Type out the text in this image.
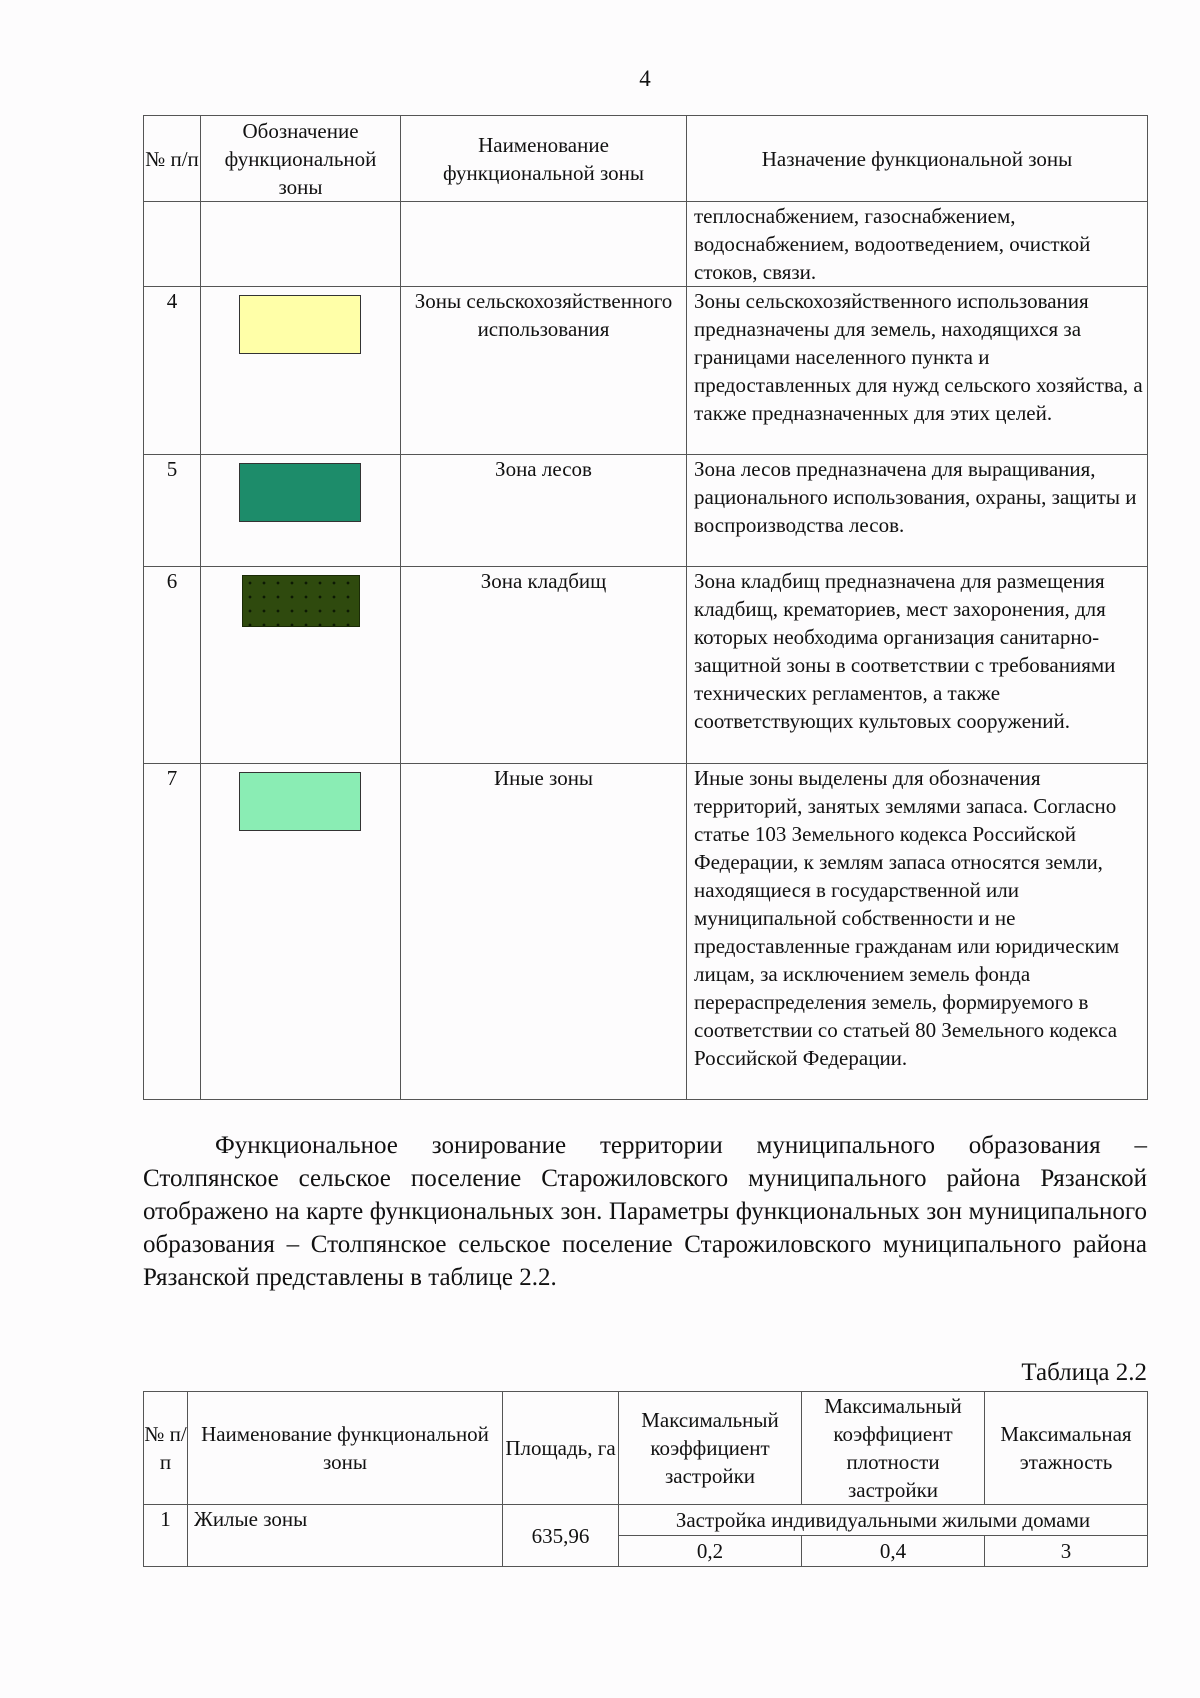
4
№ п/п	Обозначение функциональной зоны	Наименование функциональной зоны	Назначение функциональной зоны
			теплоснабжением, газоснабжением, водоснабжением, водоотведением, очисткой стоков, связи.
4		Зоны сельскохозяйственного использования	Зоны сельскохозяйственного использования предназначены для земель, находящихся за границами населенного пункта и предоставленных для нужд сельского хозяйства, а также предназначенных для этих целей.
5		Зона лесов	Зона лесов предназначена для выращивания, рационального использования, охраны, защиты и воспроизводства лесов.
6		Зона кладбищ	Зона кладбищ предназначена для размещения кладбищ, крематориев, мест захоронения, для которых необходима организация санитарно-защитной зоны в соответствии с требованиями технических регламентов, а также соответствующих культовых сооружений.
7		Иные зоны	Иные зоны выделены для обозначения территорий, занятых землями запаса. Согласно статье 103 Земельного кодекса Российской Федерации, к землям запаса относятся земли, находящиеся в государственной или муниципальной собственности и не предоставленные гражданам или юридическим лицам, за исключением земель фонда перераспределения земель, формируемого в соответствии со статьей 80 Земельного кодекса Российской Федерации.
Функциональное зонирование территории муниципального образования – Столпянское сельское поселение Старожиловского муниципального района Рязанской отображено на карте функциональных зон. Параметры функциональных зон муниципального образования – Столпянское сельское поселение Старожиловского муниципального района Рязанской представлены в таблице 2.2.
Таблица 2.2
№ п/п	Наименование функциональной зоны	Площадь, га	Максимальный коэффициент застройки	Максимальный коэффициент плотности застройки	Максимальная этажность
1	Жилые зоны	635,96	Застройка индивидуальными жилыми домами		
			0,2	0,4	3
